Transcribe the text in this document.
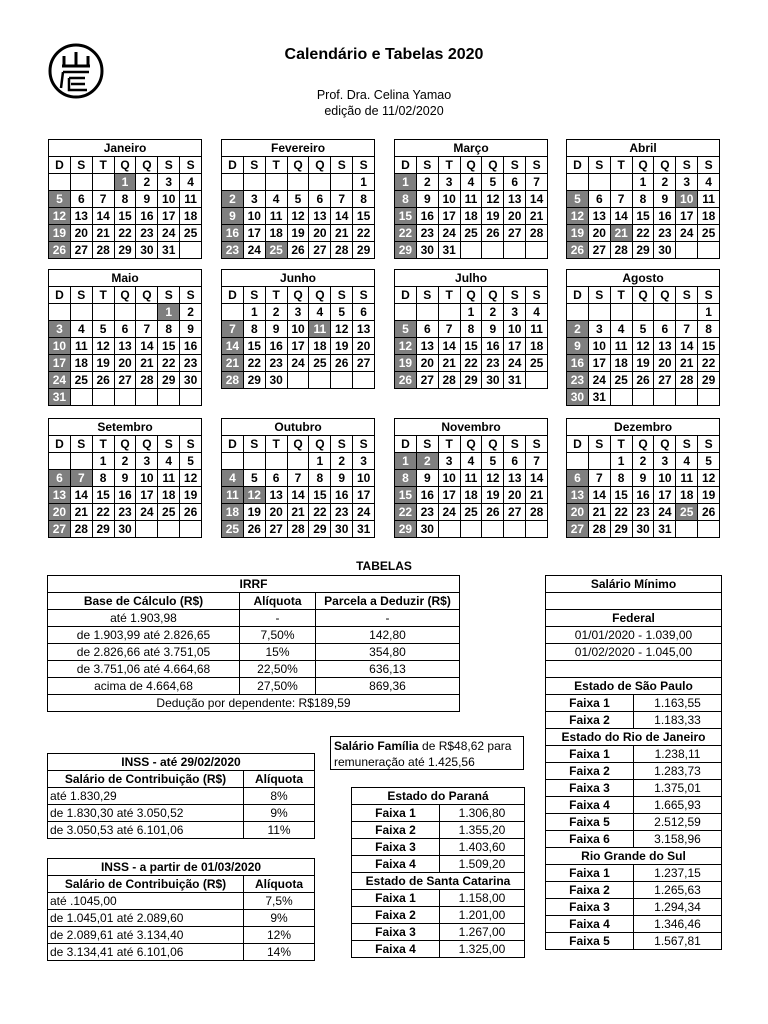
Calendário e Tabelas 2020
Prof. Dra. Celina Yamao
edição de 11/02/2020
Janeiro						
D	S	T	Q	Q	S	S
			1	2	3	4
5	6	7	8	9	10	11
12	13	14	15	16	17	18
19	20	21	22	23	24	25
26	27	28	29	30	31	
Fevereiro						
D	S	T	Q	Q	S	S
						1
2	3	4	5	6	7	8
9	10	11	12	13	14	15
16	17	18	19	20	21	22
23	24	25	26	27	28	29
Março						
D	S	T	Q	Q	S	S
1	2	3	4	5	6	7
8	9	10	11	12	13	14
15	16	17	18	19	20	21
22	23	24	25	26	27	28
29	30	31				
Abril						
D	S	T	Q	Q	S	S
			1	2	3	4
5	6	7	8	9	10	11
12	13	14	15	16	17	18
19	20	21	22	23	24	25
26	27	28	29	30		
Maio						
D	S	T	Q	Q	S	S
					1	2
3	4	5	6	7	8	9
10	11	12	13	14	15	16
17	18	19	20	21	22	23
24	25	26	27	28	29	30
31						
Junho						
D	S	T	Q	Q	S	S
	1	2	3	4	5	6
7	8	9	10	11	12	13
14	15	16	17	18	19	20
21	22	23	24	25	26	27
28	29	30				
Julho						
D	S	T	Q	Q	S	S
			1	2	3	4
5	6	7	8	9	10	11
12	13	14	15	16	17	18
19	20	21	22	23	24	25
26	27	28	29	30	31	
Agosto						
D	S	T	Q	Q	S	S
						1
2	3	4	5	6	7	8
9	10	11	12	13	14	15
16	17	18	19	20	21	22
23	24	25	26	27	28	29
30	31					
Setembro						
D	S	T	Q	Q	S	S
		1	2	3	4	5
6	7	8	9	10	11	12
13	14	15	16	17	18	19
20	21	22	23	24	25	26
27	28	29	30			
Outubro						
D	S	T	Q	Q	S	S
				1	2	3
4	5	6	7	8	9	10
11	12	13	14	15	16	17
18	19	20	21	22	23	24
25	26	27	28	29	30	31
Novembro						
D	S	T	Q	Q	S	S
1	2	3	4	5	6	7
8	9	10	11	12	13	14
15	16	17	18	19	20	21
22	23	24	25	26	27	28
29	30					
Dezembro						
D	S	T	Q	Q	S	S
		1	2	3	4	5
6	7	8	9	10	11	12
13	14	15	16	17	18	19
20	21	22	23	24	25	26
27	28	29	30	31		
TABELAS
IRRF		
Base de Cálculo (R$)	Alíquota	Parcela a Deduzir (R$)
até 1.903,98	-	-
de 1.903,99 até 2.826,65	7,50%	142,80
de 2.826,66 até 3.751,05	15%	354,80
de 3.751,06 até 4.664,68	22,50%	636,13
acima de 4.664,68	27,50%	869,36
Dedução por dependente: R$189,59		
Salário Família de R$48,62 para
remuneração até 1.425,56
INSS - até 29/02/2020	
Salário de Contribuição (R$)	Alíquota
até 1.830,29	8%
de 1.830,30 até 3.050,52	9%
de 3.050,53 até 6.101,06	11%
INSS - a partir de 01/03/2020	
Salário de Contribuição (R$)	Alíquota
até .1045,00	7,5%
de 1.045,01 até 2.089,60	9%
de 2.089,61 até 3.134,40	12%
de 3.134,41 até 6.101,06	14%
Estado do Paraná	
Faixa 1	1.306,80
Faixa 2	1.355,20
Faixa 3	1.403,60
Faixa 4	1.509,20
Estado de Santa Catarina	
Faixa 1	1.158,00
Faixa 2	1.201,00
Faixa 3	1.267,00
Faixa 4	1.325,00
Salário Mínimo	

Federal	
01/01/2020 - 1.039,00	
01/02/2020 - 1.045,00	

Estado de São Paulo	
Faixa 1	1.163,55
Faixa 2	1.183,33
Estado do Rio de Janeiro	
Faixa 1	1.238,11
Faixa 2	1.283,73
Faixa 3	1.375,01
Faixa 4	1.665,93
Faixa 5	2.512,59
Faixa 6	3.158,96
Rio Grande do Sul	
Faixa 1	1.237,15
Faixa 2	1.265,63
Faixa 3	1.294,34
Faixa 4	1.346,46
Faixa 5	1.567,81
